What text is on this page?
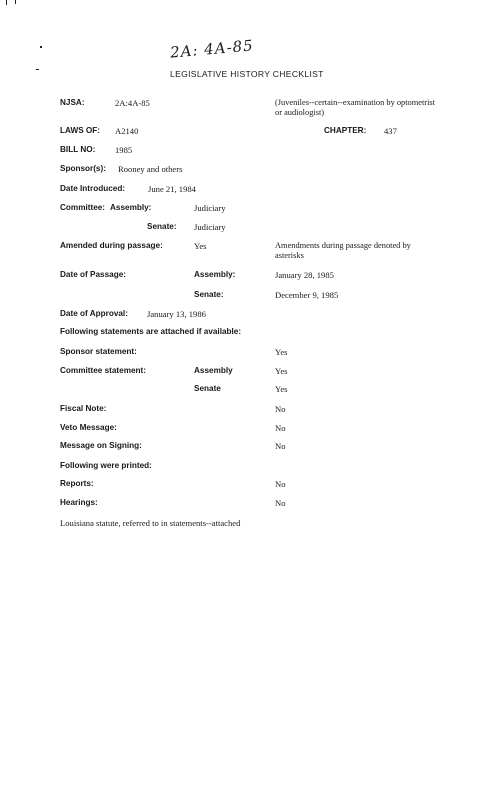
2A: 4A-85
LEGISLATIVE HISTORY CHECKLIST
NJSA:	2A:4A-85	(Juveniles--certain--examination by optometrist or audiologist)
LAWS OF: A2140	CHAPTER: 437
BILL NO: 1985
Sponsor(s): Rooney and others
Date Introduced:	June 21, 1984
Committee: Assembly:	Judiciary
Senate: Judiciary
Amended during passage:	Yes	Amendments during passage denoted by asterisks
Date of Passage:	Assembly:	January 28, 1985
Senate:	December 9, 1985
Date of Approval: January 13, 1986
Following statements are attached if available:
Sponsor statement:	Yes
Committee statement:	Assembly	Yes
Senate	Yes
Fiscal Note:	No
Veto Message:	No
Message on Signing:	No
Following were printed:
Reports:	No
Hearings:	No
Louisiana statute, referred to in statements--attached
